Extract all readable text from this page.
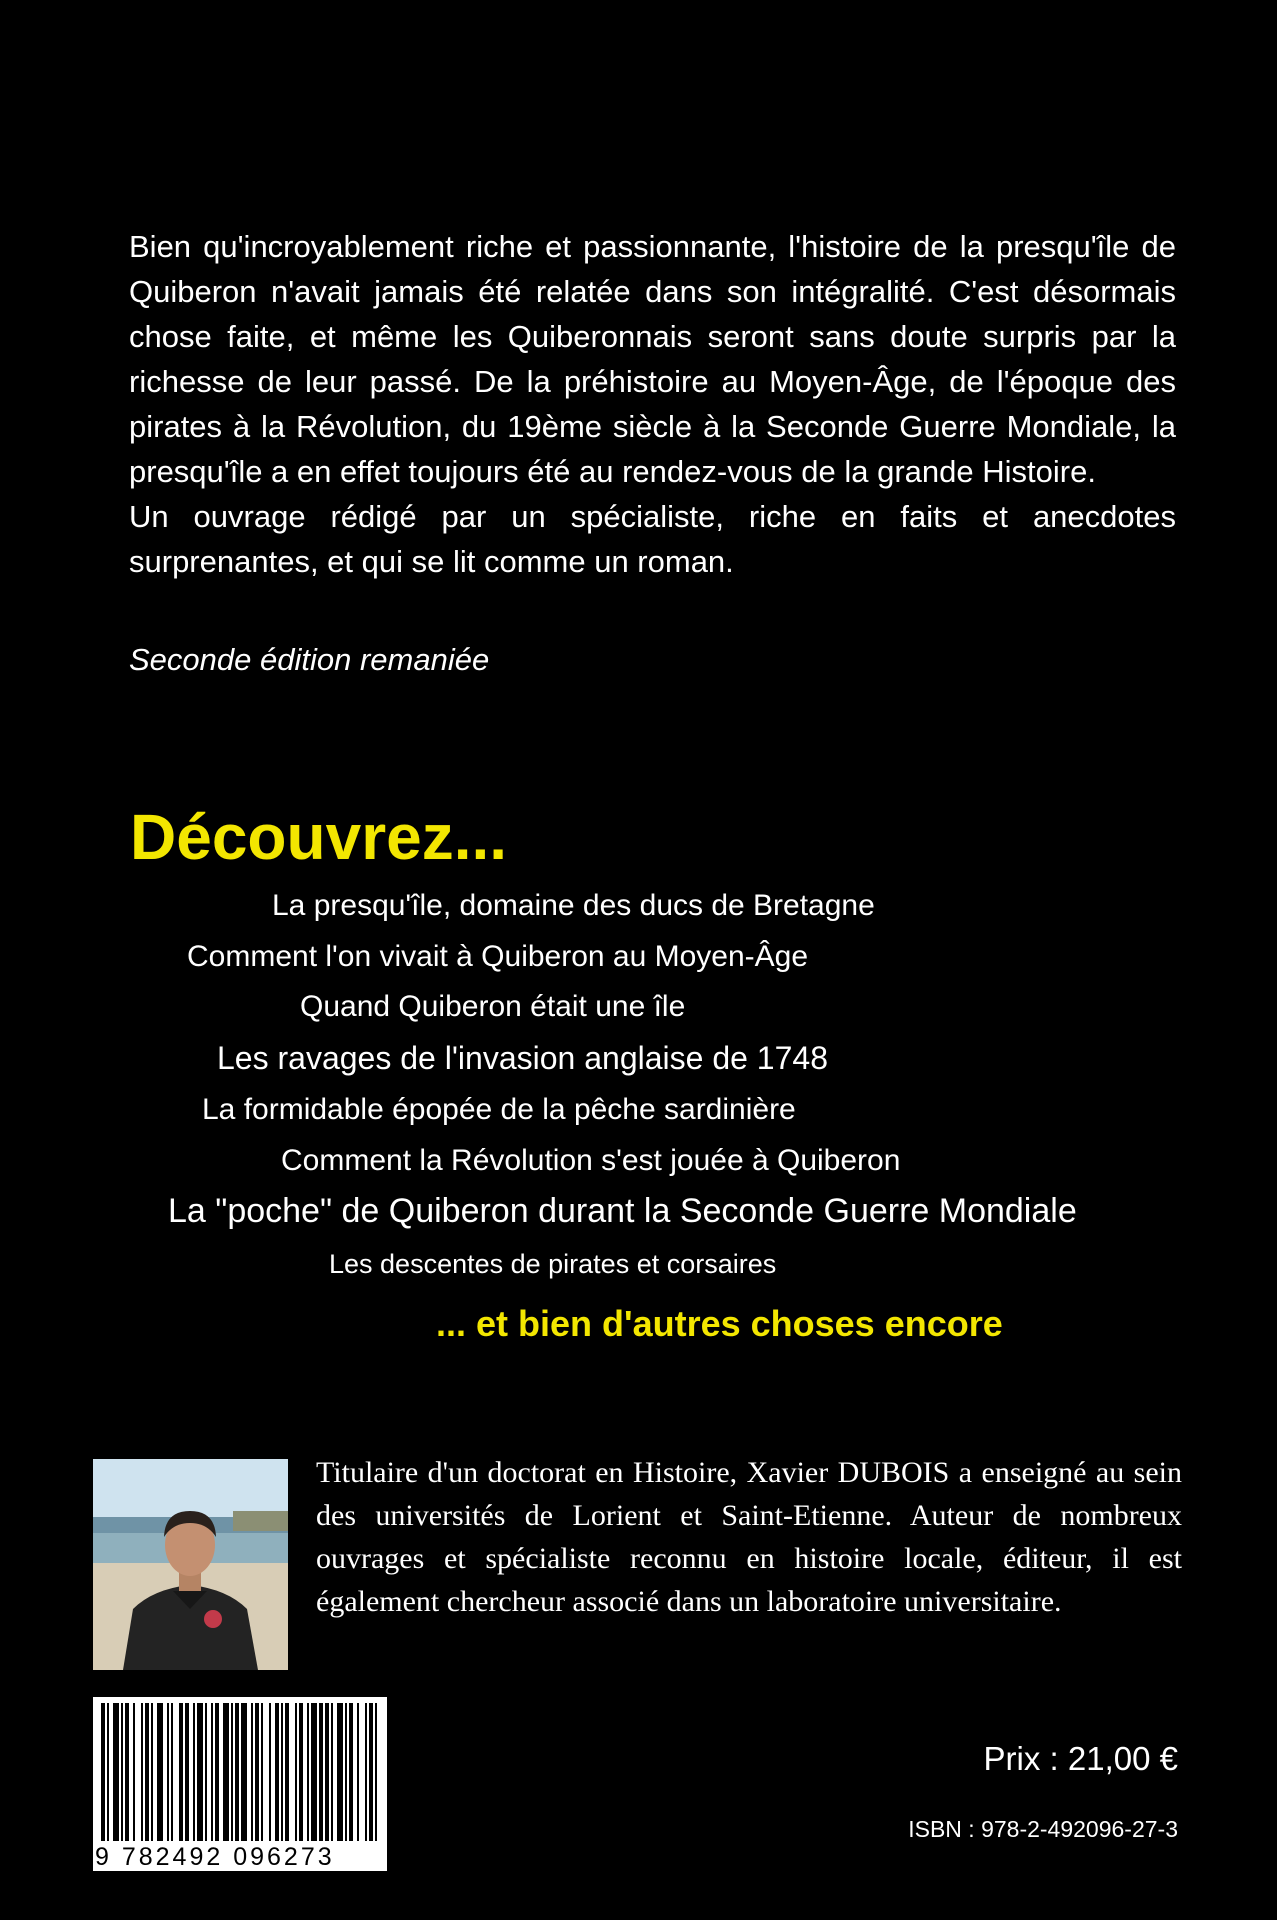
Bien qu'incroyablement riche et passionnante, l'histoire de la presqu'île de Quiberon n'avait jamais été relatée dans son intégralité. C'est désormais chose faite, et même les Quiberonnais seront sans doute surpris par la richesse de leur passé. De la préhistoire au Moyen-Âge, de l'époque des pirates à la Révolution, du 19ème siècle à la Seconde Guerre Mondiale, la presqu'île a en effet toujours été au rendez-vous de la grande Histoire.

Un ouvrage rédigé par un spécialiste, riche en faits et anecdotes surprenantes, et qui se lit comme un roman.

Seconde édition remaniée
Découvrez...
La presqu'île, domaine des ducs de Bretagne
Comment l'on vivait à Quiberon au Moyen-Âge
Quand Quiberon était une île
Les ravages de l'invasion anglaise de 1748
La formidable épopée de la pêche sardinière
Comment la Révolution s'est jouée à Quiberon
La "poche" de Quiberon durant la Seconde Guerre Mondiale
Les descentes de pirates et corsaires
... et bien d'autres choses encore
Titulaire d'un doctorat en Histoire, Xavier DUBOIS a enseigné au sein des universités de Lorient et Saint-Etienne. Auteur de nombreux ouvrages et spécialiste reconnu en histoire locale, éditeur, il est également chercheur associé dans un laboratoire universitaire.
9 782492 096273
Prix : 21,00 €
ISBN : 978-2-492096-27-3
